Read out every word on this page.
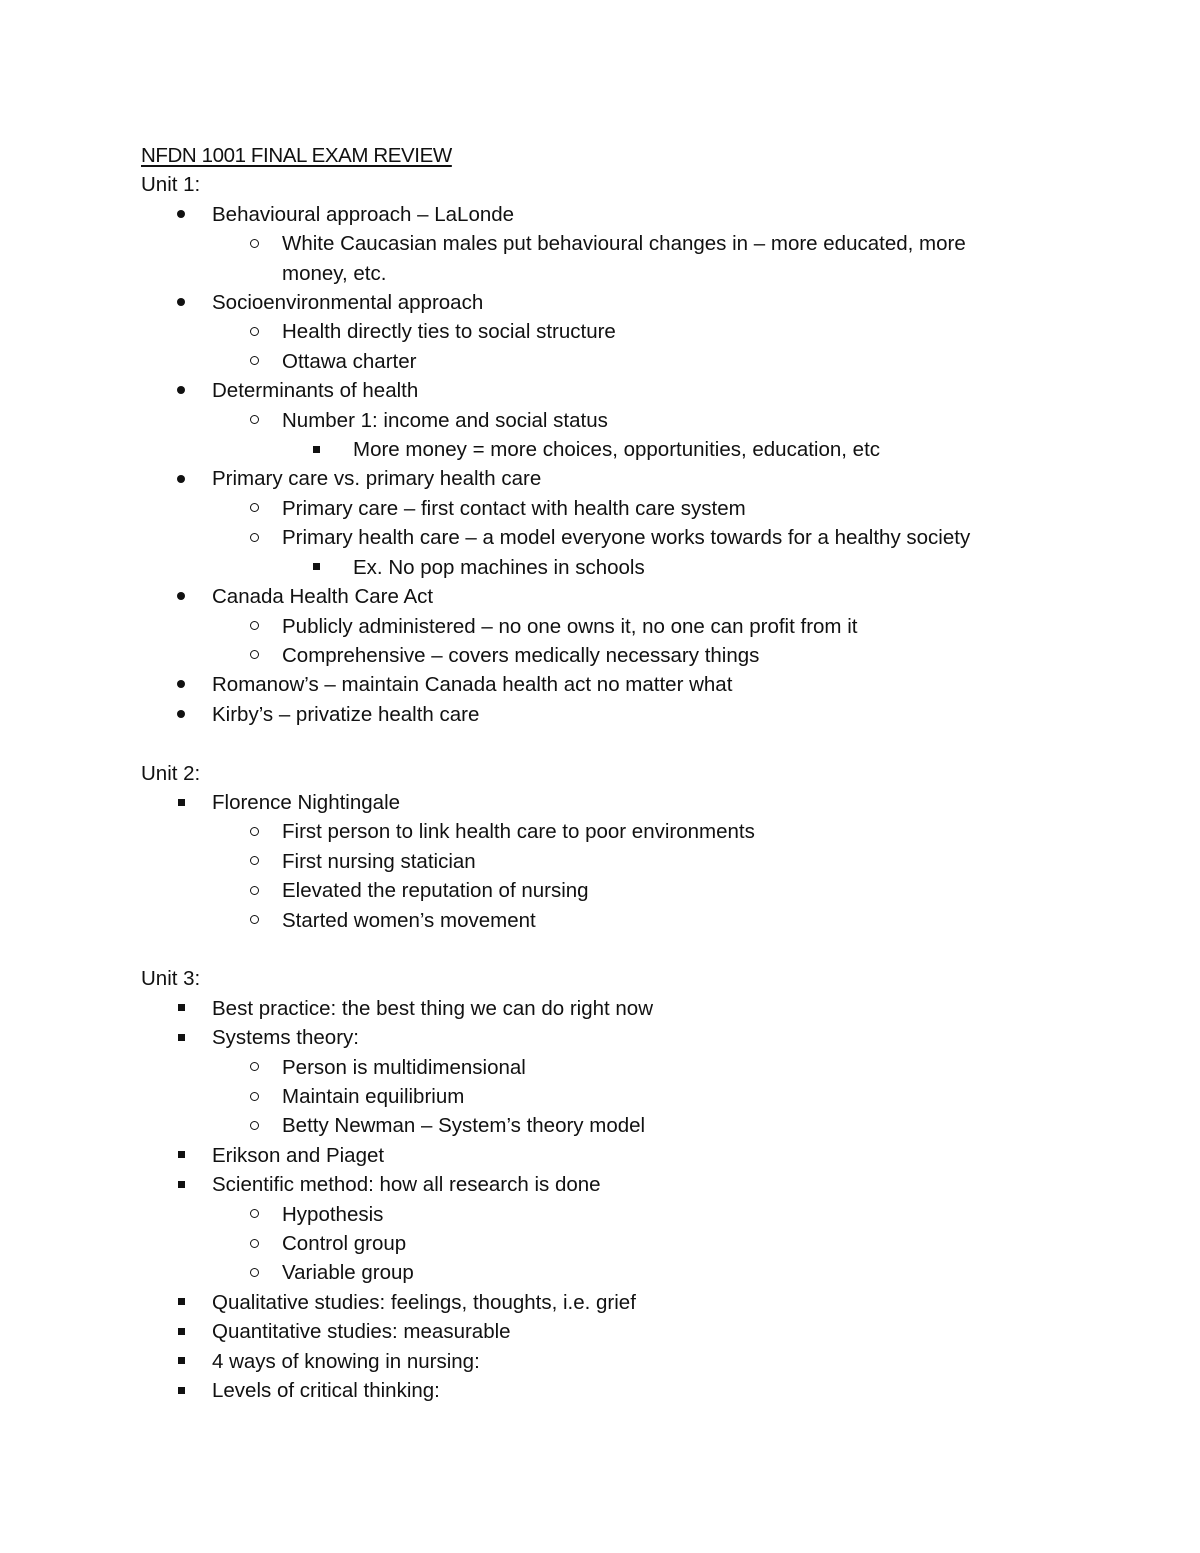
NFDN 1001 FINAL EXAM REVIEW
Unit 1:
Behavioural approach – LaLonde
White Caucasian males put behavioural changes in – more educated, more money, etc.
Socioenvironmental approach
Health directly ties to social structure
Ottawa charter
Determinants of health
Number 1: income and social status
More money = more choices, opportunities, education, etc
Primary care vs. primary health care
Primary care – first contact with health care system
Primary health care – a model everyone works towards for a healthy society
Ex. No pop machines in schools
Canada Health Care Act
Publicly administered – no one owns it, no one can profit from it
Comprehensive – covers medically necessary things
Romanow’s – maintain Canada health act no matter what
Kirby’s – privatize health care
Unit 2:
Florence Nightingale
First person to link health care to poor environments
First nursing statician
Elevated the reputation of nursing
Started women’s movement
Unit 3:
Best practice: the best thing we can do right now
Systems theory:
Person is multidimensional
Maintain equilibrium
Betty Newman – System’s theory model
Erikson and Piaget
Scientific method: how all research is done
Hypothesis
Control group
Variable group
Qualitative studies: feelings, thoughts, i.e. grief
Quantitative studies: measurable
4 ways of knowing in nursing:
Levels of critical thinking:
